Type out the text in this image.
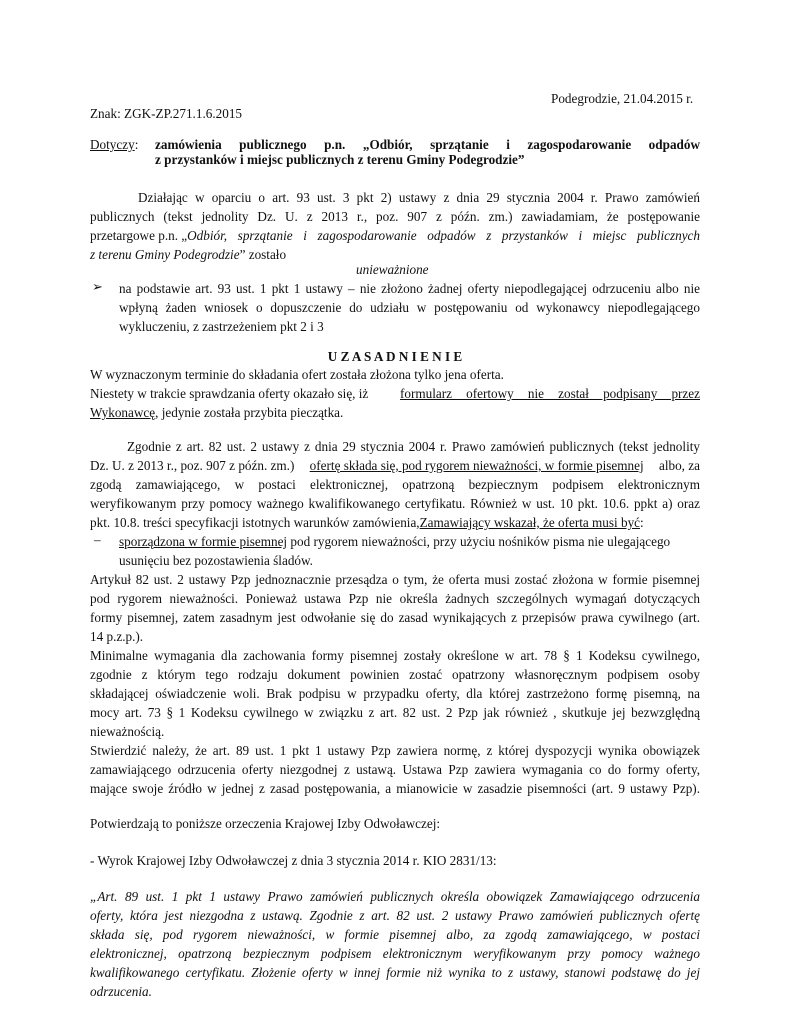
Podegrodzie, 21.04.2015 r.
Znak: ZGK-ZP.271.1.6.2015
Dotyczy: zamówienia publicznego p.n. „Odbiór, sprzątanie i zagospodarowanie odpadów
z przystanków i miejsc publicznych z terenu Gminy Podegrodzie”
Działając w oparciu o art. 93 ust. 3 pkt 2) ustawy z dnia 29 stycznia 2004 r. Prawo zamówień
publicznych (tekst jednolity Dz. U. z 2013 r., poz. 907 z późn. zm.) zawiadamiam, że postępowanie
przetargowe p.n. „ Odbiór, sprzątanie i zagospodarowanie odpadów z przystanków i miejsc publicznych
z terenu Gminy Podegrodzie” zostało
unieważnione
➢ na podstawie art. 93 ust. 1 pkt 1 ustawy – nie złożono żadnej oferty niepodlegającej odrzuceniu albo nie
wpłyną żaden wniosek o dopuszczenie do udziału w postępowaniu od wykonawcy niepodlegającego
wykluczeniu, z zastrzeżeniem pkt 2 i 3
U Z A S A D N I E N I E
W wyznaczonym terminie do składania ofert została złożona tylko jena oferta.
Niestety w trakcie sprawdzania oferty okazało się, iż formularz ofertowy nie został podpisany przez
Wykonawcę, jedynie została przybita pieczątka.
Zgodnie z art. 82 ust. 2 ustawy z dnia 29 stycznia 2004 r. Prawo zamówień publicznych (tekst jednolity
Dz. U. z 2013 r., poz. 907 z późn. zm.) ofertę składa się, pod rygorem nieważności, w formie pisemnej albo, za
zgodą zamawiającego, w postaci elektronicznej, opatrzoną bezpiecznym podpisem elektronicznym
weryfikowanym przy pomocy ważnego kwalifikowanego certyfikatu. Również w ust. 10 pkt. 10.6. ppkt a) oraz
pkt. 10.8. treści specyfikacji istotnych warunków zamówienia, Zamawiający wskazał, że oferta musi być :
– sporządzona w formie pisemnej pod rygorem nieważności, przy użyciu nośników pisma nie ulegającego
usunięciu bez pozostawienia śladów.
Artykuł 82 ust. 2 ustawy Pzp jednoznacznie przesądza o tym, że oferta musi zostać złożona w formie pisemnej
pod rygorem nieważności. Ponieważ ustawa Pzp nie określa żadnych szczególnych wymagań dotyczących
formy pisemnej, zatem zasadnym jest odwołanie się do zasad wynikających z przepisów prawa cywilnego (art.
14 p.z.p.).
Minimalne wymagania dla zachowania formy pisemnej zostały określone w art. 78 § 1 Kodeksu cywilnego,
zgodnie z którym tego rodzaju dokument powinien zostać opatrzony własnoręcznym podpisem osoby
składającej oświadczenie woli. Brak podpisu w przypadku oferty, dla której zastrzeżono formę pisemną, na
mocy art. 73 § 1 Kodeksu cywilnego w związku z art. 82 ust. 2 Pzp jak również , skutkuje jej bezwzględną
nieważnością.
Stwierdzić należy, że art. 89 ust. 1 pkt 1 ustawy Pzp zawiera normę, z której dyspozycji wynika obowiązek
zamawiającego odrzucenia oferty niezgodnej z ustawą. Ustawa Pzp zawiera wymagania co do formy oferty,
mające swoje źródło w jednej z zasad postępowania, a mianowicie w zasadzie pisemności (art. 9 ustawy Pzp).
Potwierdzają to poniższe orzeczenia Krajowej Izby Odwoławczej:
- Wyrok Krajowej Izby Odwoławczej z dnia 3 stycznia 2014 r. KIO 2831/13:
„Art. 89 ust. 1 pkt 1 ustawy Prawo zamówień publicznych określa obowiązek Zamawiającego odrzucenia
oferty, która jest niezgodna z ustawą. Zgodnie z art. 82 ust. 2 ustawy Prawo zamówień publicznych ofertę
składa się, pod rygorem nieważności, w formie pisemnej albo, za zgodą zamawiającego, w postaci
elektronicznej, opatrzoną bezpiecznym podpisem elektronicznym weryfikowanym przy pomocy ważnego
kwalifikowanego certyfikatu. Złożenie oferty w innej formie niż wynika to z ustawy, stanowi podstawę do jej
odrzucenia.
